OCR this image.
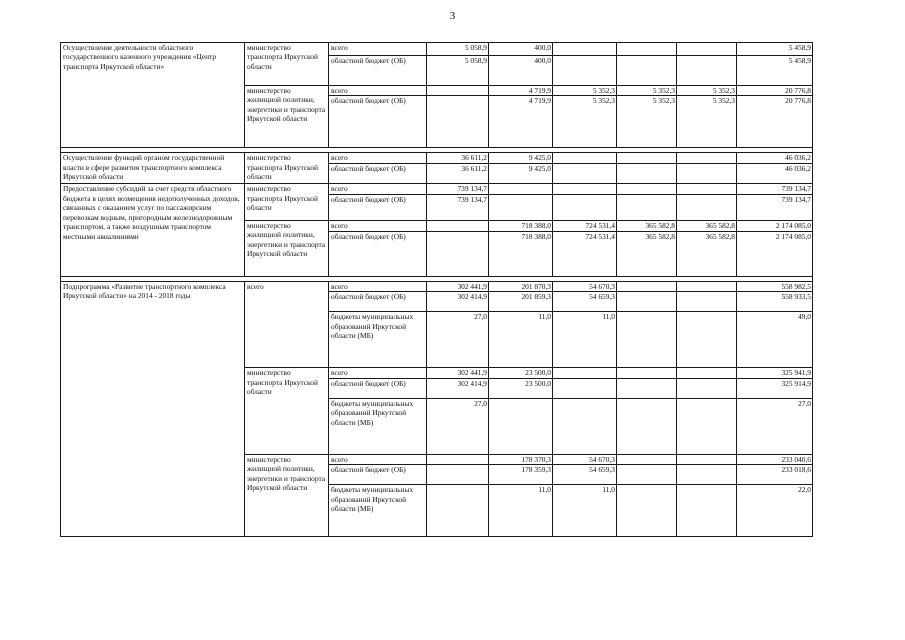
3
Осуществление деятельности областного государственного казенного учреждения «Центр транспорта Иркутской области»	министерство транспорта Иркутской области	всего	5 058,9	400,0				5 458,9
		областной бюджет (ОБ)	5 058,9	400,0				5 458,9
	министерство жилищной политики, энергетики и транспорта Иркутской области	всего		4 719,9	5 352,3	5 352,3	5 352,3	20 776,8
		областной бюджет (ОБ)		4 719,9	5 352,3	5 352,3	5 352,3	20 776,8

Осуществление функций органом государственной власти в сфере развития транспортного комплекса Иркутской области	министерство транспорта Иркутской области	всего	36 611,2	9 425,0				46 036,2
		областной бюджет (ОБ)	36 611,2	9 425,0				46 036,2
Предоставление субсидий за счет средств областного бюджета в целях возмещения недополученных доходов, связанных с оказанием услуг по пассажирским перевозкам водным, пригородным железнодорожным транспортом, а также воздушным транспортом местными авиалиниями	министерство транспорта Иркутской области	всего	739 134,7					739 134,7
		областной бюджет (ОБ)	739 134,7					739 134,7
	министерство жилищной политики, энергетики и транспорта Иркутской области	всего		718 388,0	724 531,4	365 582,8	365 582,8	2 174 085,0
		областной бюджет (ОБ)		718 388,0	724 531,4	365 582,8	365 582,8	2 174 085,0

Подпрограмма «Развитие транспортного комплекса Иркутской области» на 2014 - 2018 годы	всего	всего	302 441,9	201 870,3	54 670,3			558 982,5
		областной бюджет (ОБ)	302 414,9	201 859,3	54 659,3			558 933,5
		бюджеты муниципальных образований Иркутской области (МБ)	27,0	11,0	11,0			49,0
	министерство транспорта Иркутской области	всего	302 441,9	23 500,0				325 941,9
		областной бюджет (ОБ)	302 414,9	23 500,0				325 914,9
		бюджеты муниципальных образований Иркутской области (МБ)	27,0					27,0
	министерство жилищной политики, энергетики и транспорта Иркутской области	всего		178 370,3	54 670,3			233 040,6
		областной бюджет (ОБ)		178 359,3	54 659,3			233 018,6
		бюджеты муниципальных образований Иркутской области (МБ)		11,0	11,0			22,0
